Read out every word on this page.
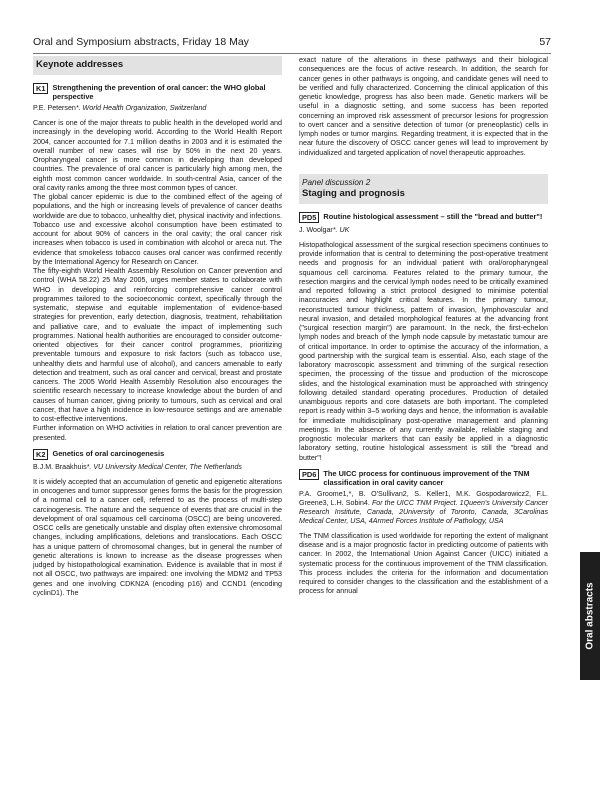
Oral and Symposium abstracts, Friday 18 May	57
Keynote addresses
K1 Strengthening the prevention of oral cancer: the WHO global perspective
P.E. Petersen*. World Health Organization, Switzerland
Cancer is one of the major threats to public health in the developed world and increasingly in the developing world. According to the World Health Report 2004, cancer accounted for 7.1 million deaths in 2003 and it is estimated the overall number of new cases will rise by 50% in the next 20 years. Oropharyngeal cancer is more common in developing than developed countries. The prevalence of oral cancer is particularly high among men, the eighth most common cancer worldwide. In south-central Asia, cancer of the oral cavity ranks among the three most common types of cancer.
The global cancer epidemic is due to the combined effect of the ageing of populations, and the high or increasing levels of prevalence of cancer deaths worldwide are due to tobacco, unhealthy diet, physical inactivity and infections. Tobacco use and excessive alcohol consumption have been estimated to account for about 90% of cancers in the oral cavity; the oral cancer risk increases when tobacco is used in combination with alcohol or areca nut. The evidence that smokeless tobacco causes oral cancer was confirmed recently by the International Agency for Research on Cancer.
The fifty-eighth World Health Assembly Resolution on Cancer prevention and control (WHA 58.22) 25 May 2005, urges member states to collaborate with WHO in developing and reinforcing comprehensive cancer control programmes tailored to the socioeconomic context, specifically through the systematic, stepwise and equitable implementation of evidence-based strategies for prevention, early detection, diagnosis, treatment, rehabilitation and palliative care, and to evaluate the impact of implementing such programmes. National health authorities are encouraged to consider outcome-oriented objectives for their cancer control programmes, prioritizing preventable tumours and exposure to risk factors (such as tobacco use, unhealthy diets and harmful use of alcohol), and cancers amenable to early detection and treatment, such as oral cancer and cervical, breast and prostate cancers. The 2005 World Health Assembly Resolution also encourages the scientific research necessary to increase knowledge about the burden of and causes of human cancer, giving priority to tumours, such as cervical and oral cancer, that have a high incidence in low-resource settings and are amenable to cost-effective interventions.
Further information on WHO activities in relation to oral cancer prevention are presented.
K2 Genetics of oral carcinogenesis
B.J.M. Braakhuis*. VU University Medical Center, The Netherlands
It is widely accepted that an accumulation of genetic and epigenetic alterations in oncogenes and tumor suppressor genes forms the basis for the progression of a normal cell to a cancer cell, referred to as the process of multi-step carcinogenesis. The nature and the sequence of events that are crucial in the development of oral squamous cell carcinoma (OSCC) are being uncovered. OSCC cells are genetically unstable and display often extensive chromosomal changes, including amplifications, deletions and translocations. Each OSCC has a unique pattern of chromosomal changes, but in general the number of genetic alterations is known to increase as the disease progresses when judged by histopathological examination. Evidence is available that in most if not all OSCC, two pathways are impaired: one involving the MDM2 and TP53 genes and one involving CDKN2A (encoding p16) and CCND1 (encoding cyclinD1). The
exact nature of the alterations in these pathways and their biological consequences are the focus of active research. In addition, the search for cancer genes in other pathways is ongoing, and candidate genes will need to be verified and fully characterized. Concerning the clinical application of this genetic knowledge, progress has also been made. Genetic markers will be useful in a diagnostic setting, and some success has been reported concerning an improved risk assessment of precursor lesions for progression to overt cancer and a sensitive detection of tumor (or preneoplastic) cells in lymph nodes or tumor margins. Regarding treatment, it is expected that in the near future the discovery of OSCC cancer genes will lead to improvement by individualized and targeted application of novel therapeutic approaches.
Panel discussion 2
Staging and prognosis
PD5 Routine histological assessment – still the "bread and butter"!
J. Woolgar*. UK
Histopathological assessment of the surgical resection specimens continues to provide information that is central to determining the post-operative treatment needs and prognosis for an individual patient with oral/oropharyngeal squamous cell carcinoma. Features related to the primary tumour, the resection margins and the cervical lymph nodes need to be critically examined and reported following a strict protocol designed to minimise potential inaccuracies and highlight critical features. In the primary tumour, reconstructed tumour thickness, pattern of invasion, lymphovascular and neural invasion, and detailed morphological features at the advancing front ("surgical resection margin") are paramount. In the neck, the first-echelon lymph nodes and breach of the lymph node capsule by metastatic tumour are of critical importance. In order to optimise the accuracy of the information, a good partnership with the surgical team is essential. Also, each stage of the laboratory macroscopic assessment and trimming of the surgical resection specimen, the processing of the tissue and production of the microscope slides, and the histological examination must be approached with stringency following detailed standard operating procedures. Production of detailed unambiguous reports and core datasets are both important. The completed report is ready within 3–5 working days and hence, the information is available for immediate multidisciplinary post-operative management and planning meetings. In the absence of any currently available, reliable staging and prognostic molecular markers that can easily be applied in a diagnostic laboratory setting, routine histological assessment is still the "bread and butter"!
PD6 The UICC process for continuous improvement of the TNM classification in oral cavity cancer
P.A. Groome1,*, B. O'Sullivan2, S. Keller1, M.K. Gospodarowicz2, F.L. Greene3, L.H. Sobin4. For the UICC TNM Project. 1Queen's University Cancer Research Institute, Canada, 2University of Toronto, Canada, 3Carolinas Medical Center, USA, 4Armed Forces Institute of Pathology, USA
The TNM classification is used worldwide for reporting the extent of malignant disease and is a major prognostic factor in predicting outcome of patients with cancer. In 2002, the International Union Against Cancer (UICC) initiated a systematic process for the continuous improvement of the TNM classification. This process includes the criteria for the information and documentation required to consider changes to the classification and the establishment of a process for annual	Oral abstracts
